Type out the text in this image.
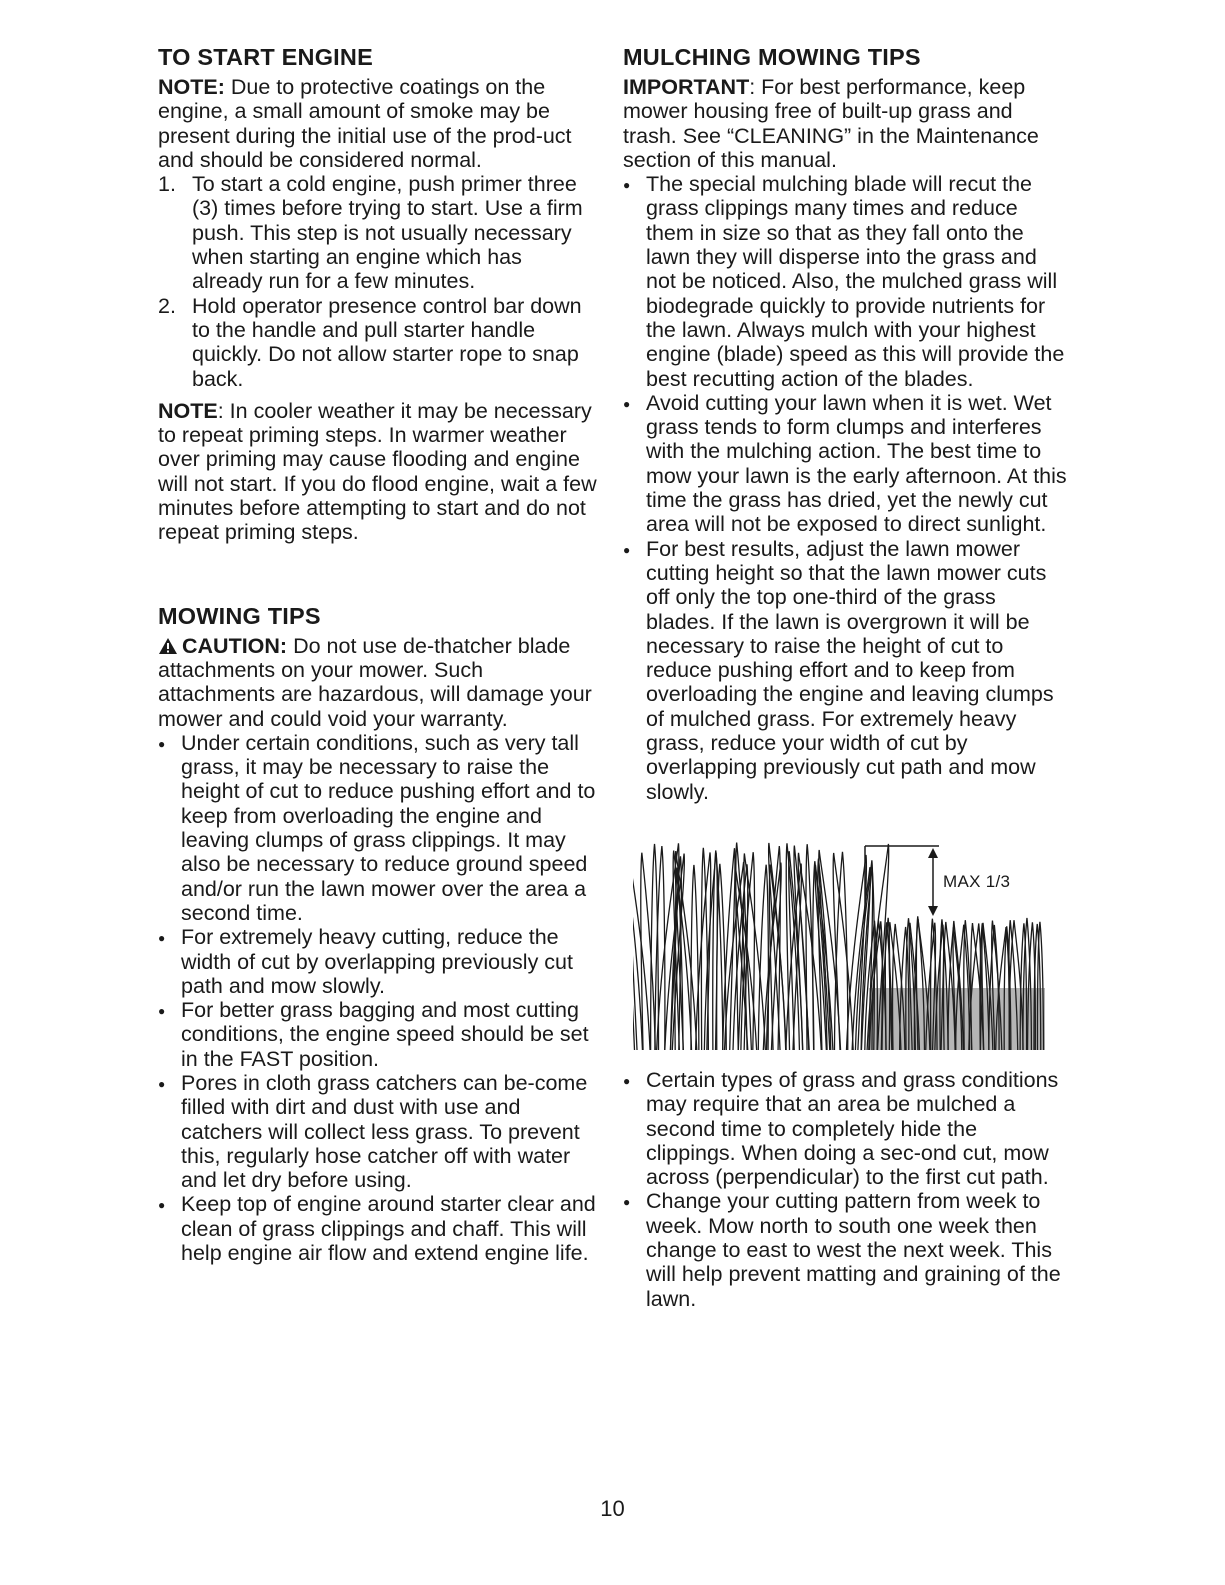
TO START ENGINE

NOTE: Due to protective coatings on the engine, a small amount of smoke may be present during the initial use of the prod-uct and should be considered normal.

1. To start a cold engine, push primer three (3) times before trying to start. Use a firm push. This step is not usually necessary when starting an engine which has already run for a few minutes.
2. Hold operator presence control bar down to the handle and pull starter handle quickly. Do not allow starter rope to snap back.

NOTE: In cooler weather it may be necessary to repeat priming steps. In warmer weather over priming may cause flooding and engine will not start. If you do flood engine, wait a few minutes before attempting to start and do not repeat priming steps.

MOWING TIPS

CAUTION: Do not use de-thatcher blade attachments on your mower. Such attachments are hazardous, will damage your mower and could void your warranty.

● Under certain conditions, such as very tall grass, it may be necessary to raise the height of cut to reduce pushing effort and to keep from overloading the engine and leaving clumps of grass clippings. It may also be necessary to reduce ground speed and/or run the lawn mower over the area a second time.
● For extremely heavy cutting, reduce the width of cut by overlapping previously cut path and mow slowly.
● For better grass bagging and most cutting conditions, the engine speed should be set in the FAST position.
● Pores in cloth grass catchers can be-come filled with dirt and dust with use and catchers will collect less grass. To prevent this, regularly hose catcher off with water and let dry before using.
● Keep top of engine around starter clear and clean of grass clippings and chaff. This will help engine air flow and extend engine life.
MULCHING MOWING TIPS

IMPORTANT: For best performance, keep mower housing free of built-up grass and trash. See “CLEANING” in the Maintenance section of this manual.

● The special mulching blade will recut the grass clippings many times and reduce them in size so that as they fall onto the lawn they will disperse into the grass and not be noticed. Also, the mulched grass will biodegrade quickly to provide nutrients for the lawn. Always mulch with your highest engine (blade) speed as this will provide the best recutting action of the blades.
● Avoid cutting your lawn when it is wet. Wet grass tends to form clumps and interferes with the mulching action. The best time to mow your lawn is the early afternoon. At this time the grass has dried, yet the newly cut area will not be exposed to direct sunlight.
● For best results, adjust the lawn mower cutting height so that the lawn mower cuts off only the top one-third of the grass blades. If the lawn is overgrown it will be necessary to raise the height of cut to reduce pushing effort and to keep from overloading the engine and leaving clumps of mulched grass. For extremely heavy grass, reduce your width of cut by overlapping previously cut path and mow slowly.
MAX 1/3
● Certain types of grass and grass conditions may require that an area be mulched a second time to completely hide the clippings. When doing a sec-ond cut, mow across (perpendicular) to the first cut path.
● Change your cutting pattern from week to week. Mow north to south one week then change to east to west the next week. This will help prevent matting and graining of the lawn.
10
